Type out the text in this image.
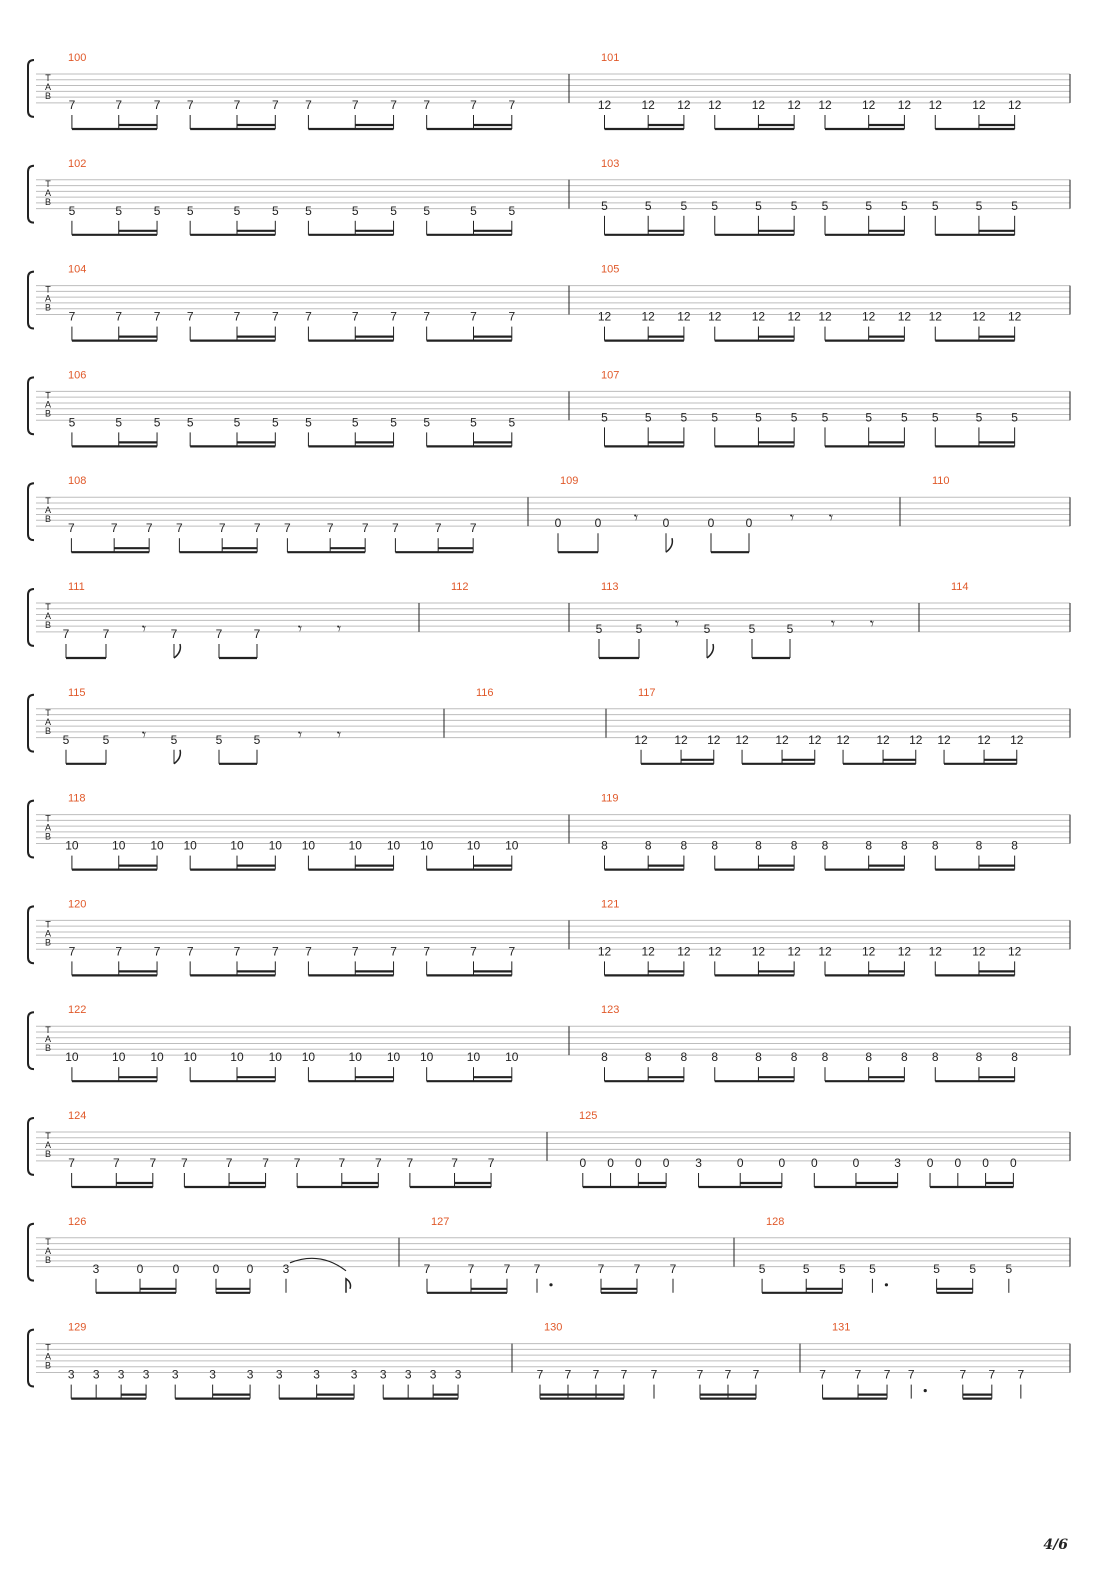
T
A
B
100
7	7	7 7	7	7 7	7	7 7	7	7
101
12	12 12 12	12 12 12	12 12 12	12 12
T
A
B
102
5	5	5 5	5	5 5	5	5 5	5	5
103
5	5 5 5	5 5 5	5 5 5	5 5
T
A
B
104
7	7	7 7	7	7 7	7	7 7	7	7
105
12	12 12 12	12 12 12	12 12 12	12 12
T
A
B
106
5	5	5 5	5	5 5	5	5 5	5	5
107
5	5 5 5	5 5 5	5 5 5	5 5
T
A
B
108
7	7 7 7	7 7 7	7 7 7	7 7
109
0	0	0	0	0
𝄾	𝄾 𝄾
110
T
A
B
111
7	7	7	7	7
𝄾	𝄾 𝄾
112	113
5	5	5	5	5
𝄾	𝄾 𝄾
114
T
A
B
115
5	5	5	5	5
𝄾	𝄾 𝄾
116	117
12 12 12 12 12 12 12 12 12 12 12 12
T
A
B
118
10	10 10 10	10 10 10	10 10 10	10 10
119
8	8 8 8	8 8 8	8 8 8	8 8
T
A
B
120
7	7	7 7	7	7 7	7	7 7	7	7
121
12	12 12 12	12 12 12	12 12 12	12 12
T
A
B
122
10	10 10 10	10 10 10	10 10 10	10 10
123
8	8 8 8	8 8 8	8 8 8	8 8
T
A
B
124
7	7 7 7	7 7 7	7 7 7	7 7
125
0 0 0 0 3	0	0 0	0	3 0 0 0 0
T
A
B
126
3	0 0	0 0 3
127
7	7 7 7	7 7 7
128
5	5 5 5	5 5 5
T
A
B
129
3 3 3 3 3	3	3 3	3	3 3 3 3 3
130
7 7 7 7 7	7 7 7
131
7 7 7 7	7 7 7
4/6
